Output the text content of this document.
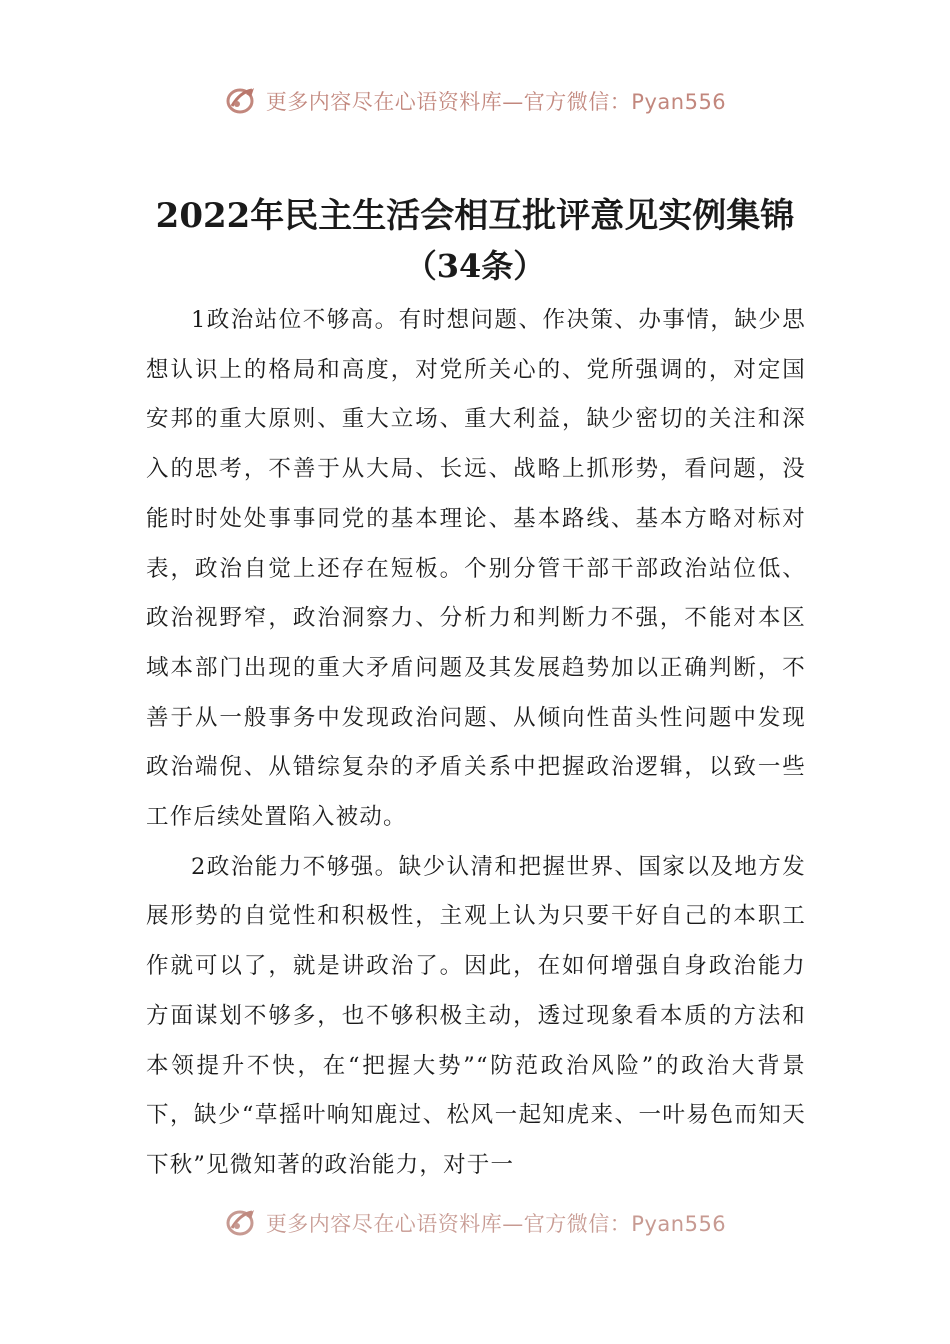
更多内容尽在心语资料库—官方微信：Pyan556
2022年民主生活会相互批评意见实例集锦
（34条）

1政治站位不够高。有时想问题、作决策、办事情，缺少思想认识上的格局和高度，对党所关心的、党所强调的，对定国安邦的重大原则、重大立场、重大利益，缺少密切的关注和深入的思考，不善于从大局、长远、战略上抓形势，看问题，没能时时处处事事同党的基本理论、基本路线、基本方略对标对表，政治自觉上还存在短板。个别分管干部干部政治站位低、政治视野窄，政治洞察力、分析力和判断力不强，不能对本区域本部门出现的重大矛盾问题及其发展趋势加以正确判断，不善于从一般事务中发现政治问题、从倾向性苗头性问题中发现政治端倪、从错综复杂的矛盾关系中把握政治逻辑，以致一些工作后续处置陷入被动。

2政治能力不够强。缺少认清和把握世界、国家以及地方发展形势的自觉性和积极性，主观上认为只要干好自己的本职工作就可以了，就是讲政治了。因此，在如何增强自身政治能力方面谋划不够多，也不够积极主动，透过现象看本质的方法和本领提升不快，在“把握大势”“防范政治风险”的政治大背景下，缺少“草摇叶响知鹿过、松风一起知虎来、一叶易色而知天下秋”见微知著的政治能力，对于一

更多内容尽在心语资料库—官方微信：Pyan556
